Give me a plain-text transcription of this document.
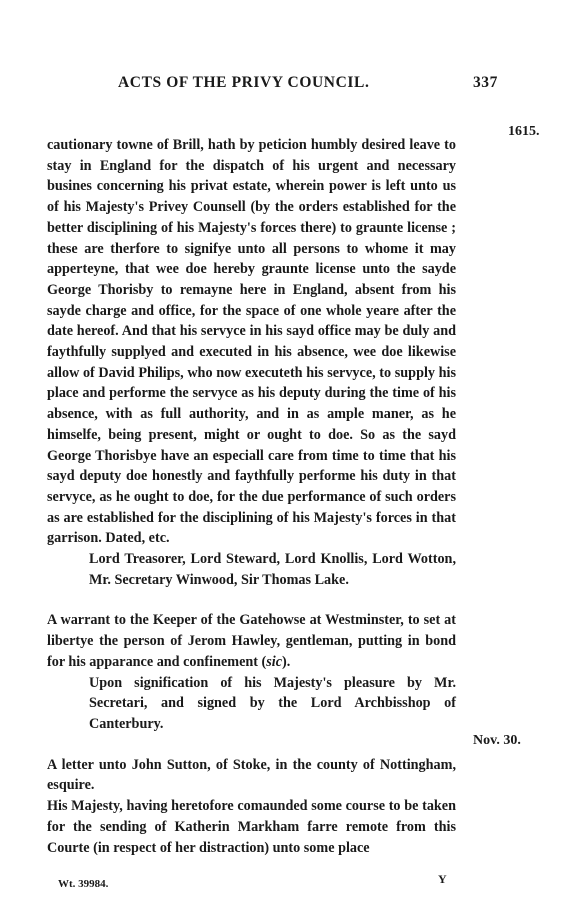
ACTS OF THE PRIVY COUNCIL.	337
1615.
Nov. 30.

cautionary towne of Brill, hath by peticion humbly desired leave to stay in England for the dispatch of his urgent and necessary busines concerning his privat estate, wherein power is left unto us of his Majesty's Privey Counsell (by the orders established for the better disciplining of his Majesty's forces there) to graunte license ; these are therfore to signifye unto all persons to whome it may apperteyne, that wee doe hereby graunte license unto the sayde George Thorisby to remayne here in England, absent from his sayde charge and office, for the space of one whole yeare after the date hereof. And that his servyce in his sayd office may be duly and faythfully supplyed and executed in his absence, wee doe likewise allow of David Philips, who now executeth his servyce, to supply his place and performe the servyce as his deputy during the time of his absence, with as full authority, and in as ample maner, as he himselfe, being present, might or ought to doe. So as the sayd George Thorisbye have an especiall care from time to time that his sayd deputy doe honestly and faythfully performe his duty in that servyce, as he ought to doe, for the due performance of such orders as are established for the disciplining of his Majesty's forces in that garrison. Dated, etc.

Lord Treasorer, Lord Steward, Lord Knollis, Lord Wotton, Mr. Secretary Winwood, Sir Thomas Lake.

A warrant to the Keeper of the Gatehowse at Westminster, to set at libertye the person of Jerom Hawley, gentleman, putting in bond for his apparance and confinement (sic).

Upon signification of his Majesty's pleasure by Mr. Secretari, and signed by the Lord Archbisshop of Canterbury.

A letter unto John Sutton, of Stoke, in the county of Nottingham, esquire.

His Majesty, having heretofore comaunded some course to be taken for the sending of Katherin Markham farre remote from this Courte (in respect of her distraction) unto some place

Wt. 39984.	Y
